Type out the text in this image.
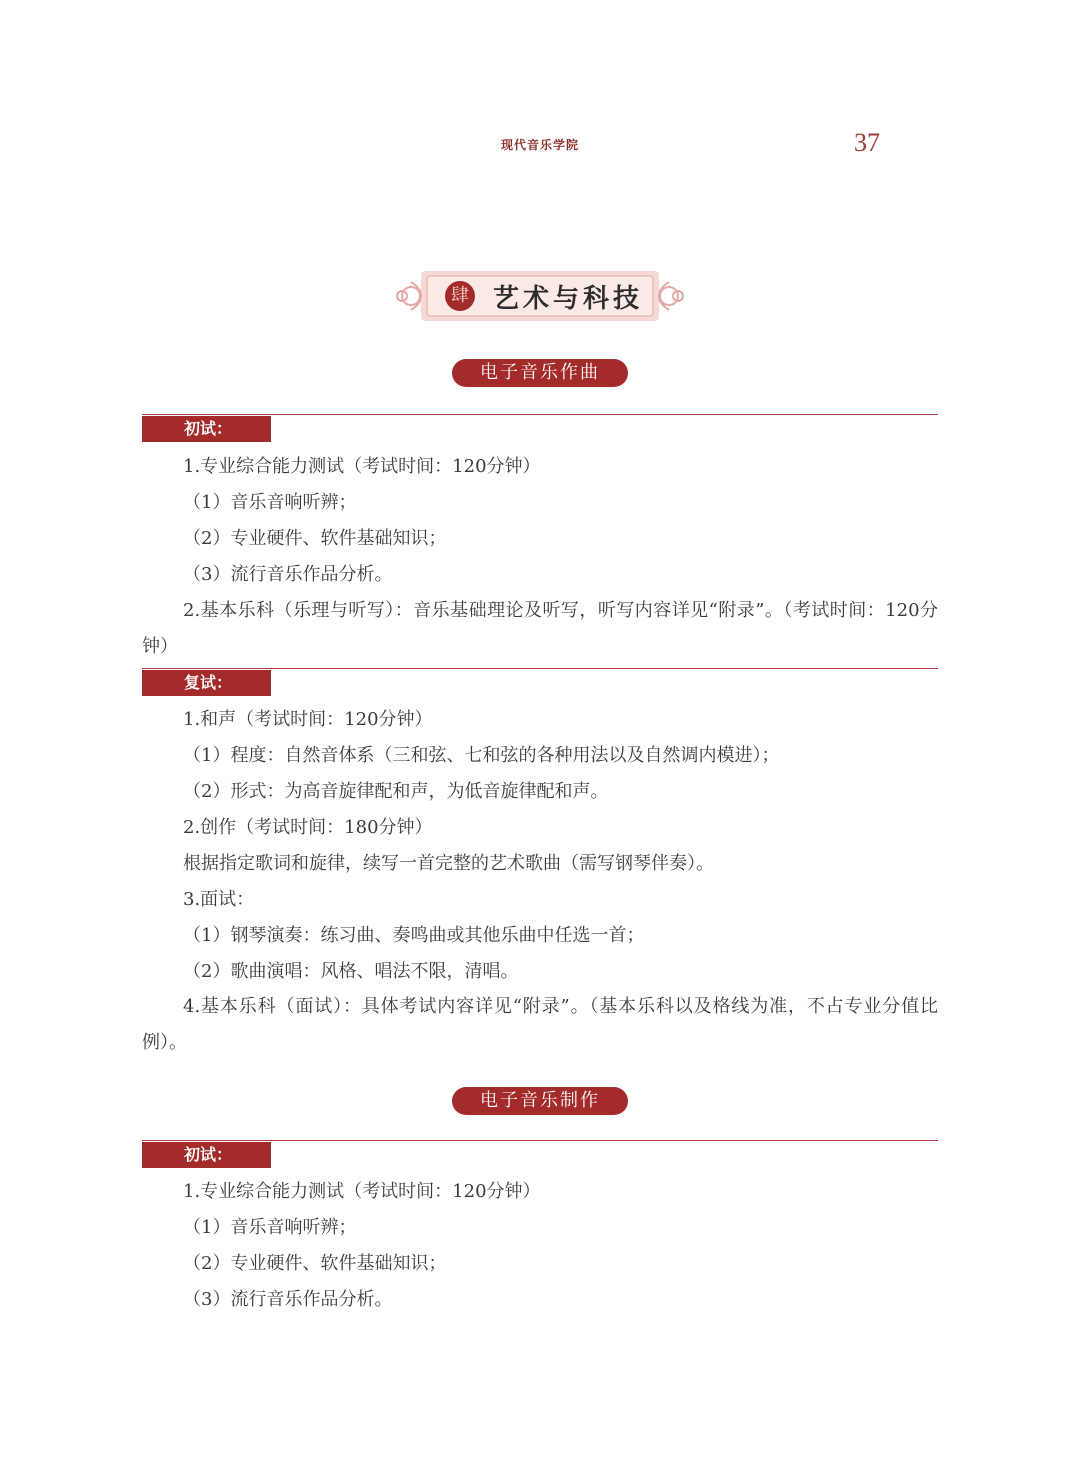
现代音乐学院	37
肆 艺术与科技
电子音乐作曲
初试：
1.专业综合能力测试（考试时间：120分钟）
（1）音乐音响听辨；
（2）专业硬件、软件基础知识；
（3）流行音乐作品分析。
2.基本乐科（乐理与听写）：音乐基础理论及听写，听写内容详见“附录”。（考试时间：120分钟）
复试：
1.和声（考试时间：120分钟）
（1）程度：自然音体系（三和弦、七和弦的各种用法以及自然调内模进）；
（2）形式：为高音旋律配和声，为低音旋律配和声。
2.创作（考试时间：180分钟）
根据指定歌词和旋律，续写一首完整的艺术歌曲（需写钢琴伴奏）。
3.面试：
（1）钢琴演奏：练习曲、奏鸣曲或其他乐曲中任选一首；
（2）歌曲演唱：风格、唱法不限，清唱。
4.基本乐科（面试）：具体考试内容详见“附录”。（基本乐科以及格线为准，不占专业分值比例）。
电子音乐制作
初试：
1.专业综合能力测试（考试时间：120分钟）
（1）音乐音响听辨；
（2）专业硬件、软件基础知识；
（3）流行音乐作品分析。
